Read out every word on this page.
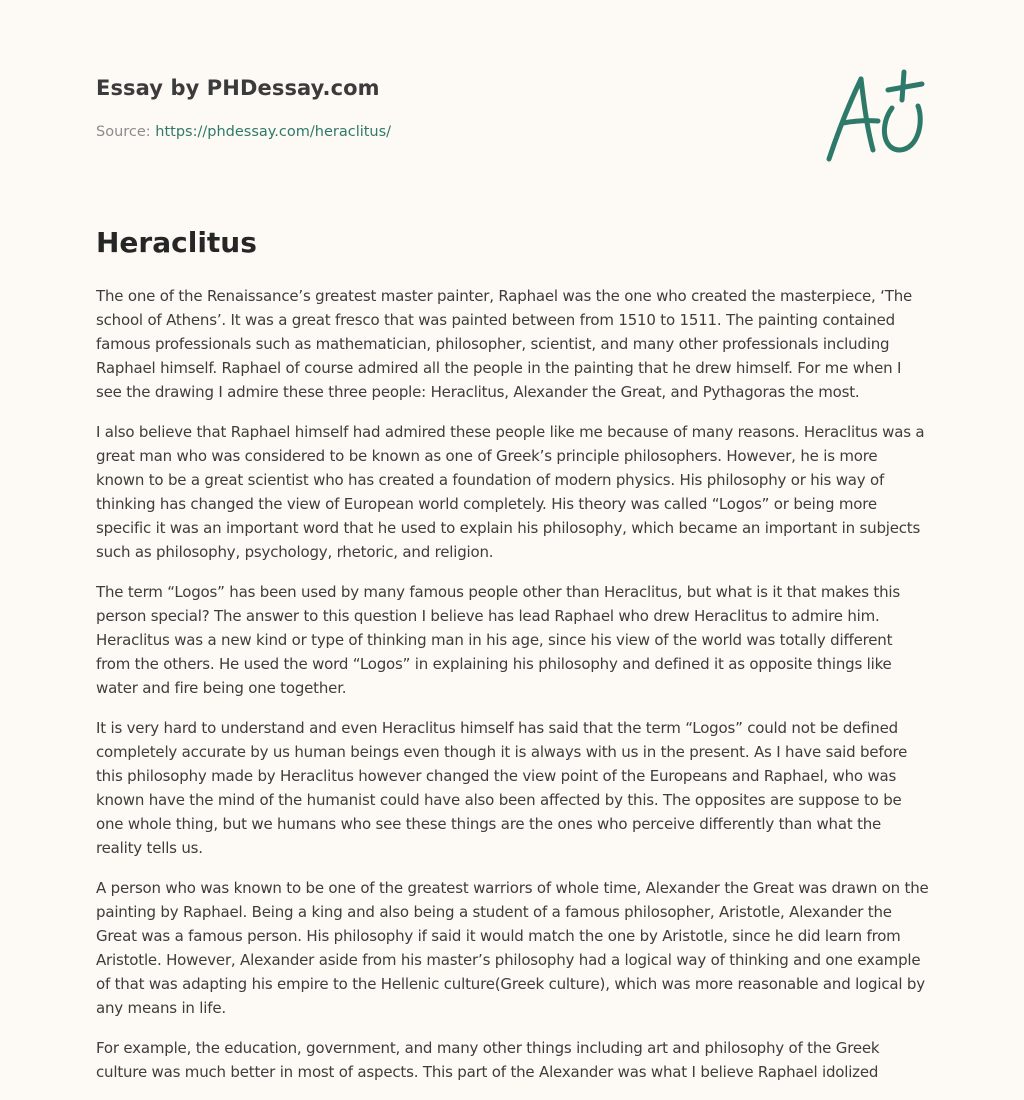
Essay by PHDessay.com
Source: https://phdessay.com/heraclitus/
Heraclitus

The one of the Renaissance’s greatest master painter, Raphael was the one who created the masterpiece, ‘The school of Athens’. It was a great fresco that was painted between from 1510 to 1511. The painting contained famous professionals such as mathematician, philosopher, scientist, and many other professionals including Raphael himself. Raphael of course admired all the people in the painting that he drew himself. For me when I see the drawing I admire these three people: Heraclitus, Alexander the Great, and Pythagoras the most.

I also believe that Raphael himself had admired these people like me because of many reasons. Heraclitus was a great man who was considered to be known as one of Greek’s principle philosophers. However, he is more known to be a great scientist who has created a foundation of modern physics. His philosophy or his way of thinking has changed the view of European world completely. His theory was called “Logos” or being more specific it was an important word that he used to explain his philosophy, which became an important in subjects such as philosophy, psychology, rhetoric, and religion.

The term “Logos” has been used by many famous people other than Heraclitus, but what is it that makes this person special? The answer to this question I believe has lead Raphael who drew Heraclitus to admire him. Heraclitus was a new kind or type of thinking man in his age, since his view of the world was totally different from the others. He used the word “Logos” in explaining his philosophy and defined it as opposite things like water and fire being one together.

It is very hard to understand and even Heraclitus himself has said that the term “Logos” could not be defined completely accurate by us human beings even though it is always with us in the present. As I have said before this philosophy made by Heraclitus however changed the view point of the Europeans and Raphael, who was known have the mind of the humanist could have also been affected by this. The opposites are suppose to be one whole thing, but we humans who see these things are the ones who perceive differently than what the reality tells us.

A person who was known to be one of the greatest warriors of whole time, Alexander the Great was drawn on the painting by Raphael. Being a king and also being a student of a famous philosopher, Aristotle, Alexander the Great was a famous person. His philosophy if said it would match the one by Aristotle, since he did learn from Aristotle. However, Alexander aside from his master’s philosophy had a logical way of thinking and one example of that was adapting his empire to the Hellenic culture(Greek culture), which was more reasonable and logical by any means in life.

For example, the education, government, and many other things including art and philosophy of the Greek culture was much better in most of aspects. This part of the Alexander was what I believe Raphael idolized
